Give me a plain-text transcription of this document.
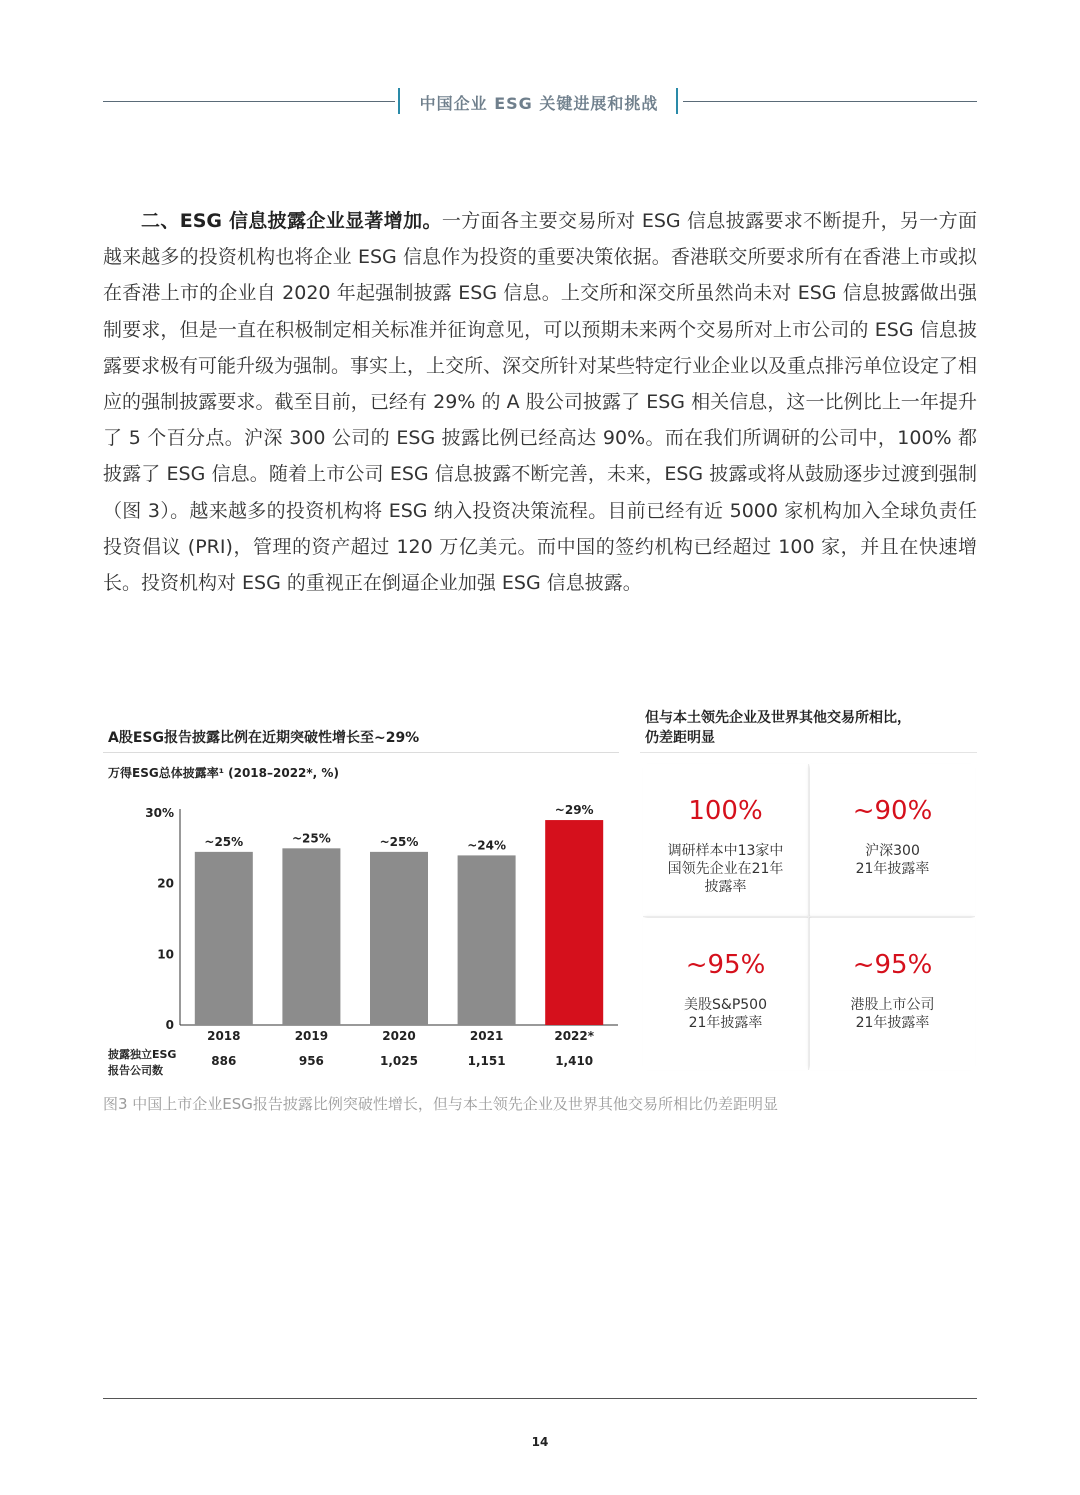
中国企业 ESG 关键进展和挑战
二、ESG 信息披露企业显著增加。一方面各主要交易所对 ESG 信息披露要求不断提升，另一方面越来越多的投资机构也将企业 ESG 信息作为投资的重要决策依据。香港联交所要求所有在香港上市或拟在香港上市的企业自 2020 年起强制披露 ESG 信息。上交所和深交所虽然尚未对 ESG 信息披露做出强制要求，但是一直在积极制定相关标准并征询意见，可以预期未来两个交易所对上市公司的 ESG 信息披露要求极有可能升级为强制。事实上，上交所、深交所针对某些特定行业企业以及重点排污单位设定了相应的强制披露要求。截至目前，已经有 29% 的 A 股公司披露了 ESG 相关信息，这一比例比上一年提升了 5 个百分点。沪深 300 公司的 ESG 披露比例已经高达 90%。而在我们所调研的公司中，100% 都披露了 ESG 信息。随着上市公司 ESG 信息披露不断完善，未来，ESG 披露或将从鼓励逐步过渡到强制（图 3）。越来越多的投资机构将 ESG 纳入投资决策流程。目前已经有近 5000 家机构加入全球负责任投资倡议 (PRI)，管理的资产超过 120 万亿美元。而中国的签约机构已经超过 100 家，并且在快速增长。投资机构对 ESG 的重视正在倒逼企业加强 ESG 信息披露。
A股ESG报告披露比例在近期突破性增长至~29%
万得ESG总体披露率¹ (2018–2022*, %)
0
10
20
30%
~25%
2018
886
~25%
2019
956
~25%
2020
1,025
~24%
2021
1,151
~29%
2022*
1,410
披露独立ESG
报告公司数
但与本土领先企业及世界其他交易所相比，
仍差距明显
100%
调研样本中13家中
国领先企业在21年
披露率
~90%
沪深300
21年披露率
~95%
美股S&P500
21年披露率
~95%
港股上市公司
21年披露率
图3 中国上市企业ESG报告披露比例突破性增长，但与本土领先企业及世界其他交易所相比仍差距明显
14
